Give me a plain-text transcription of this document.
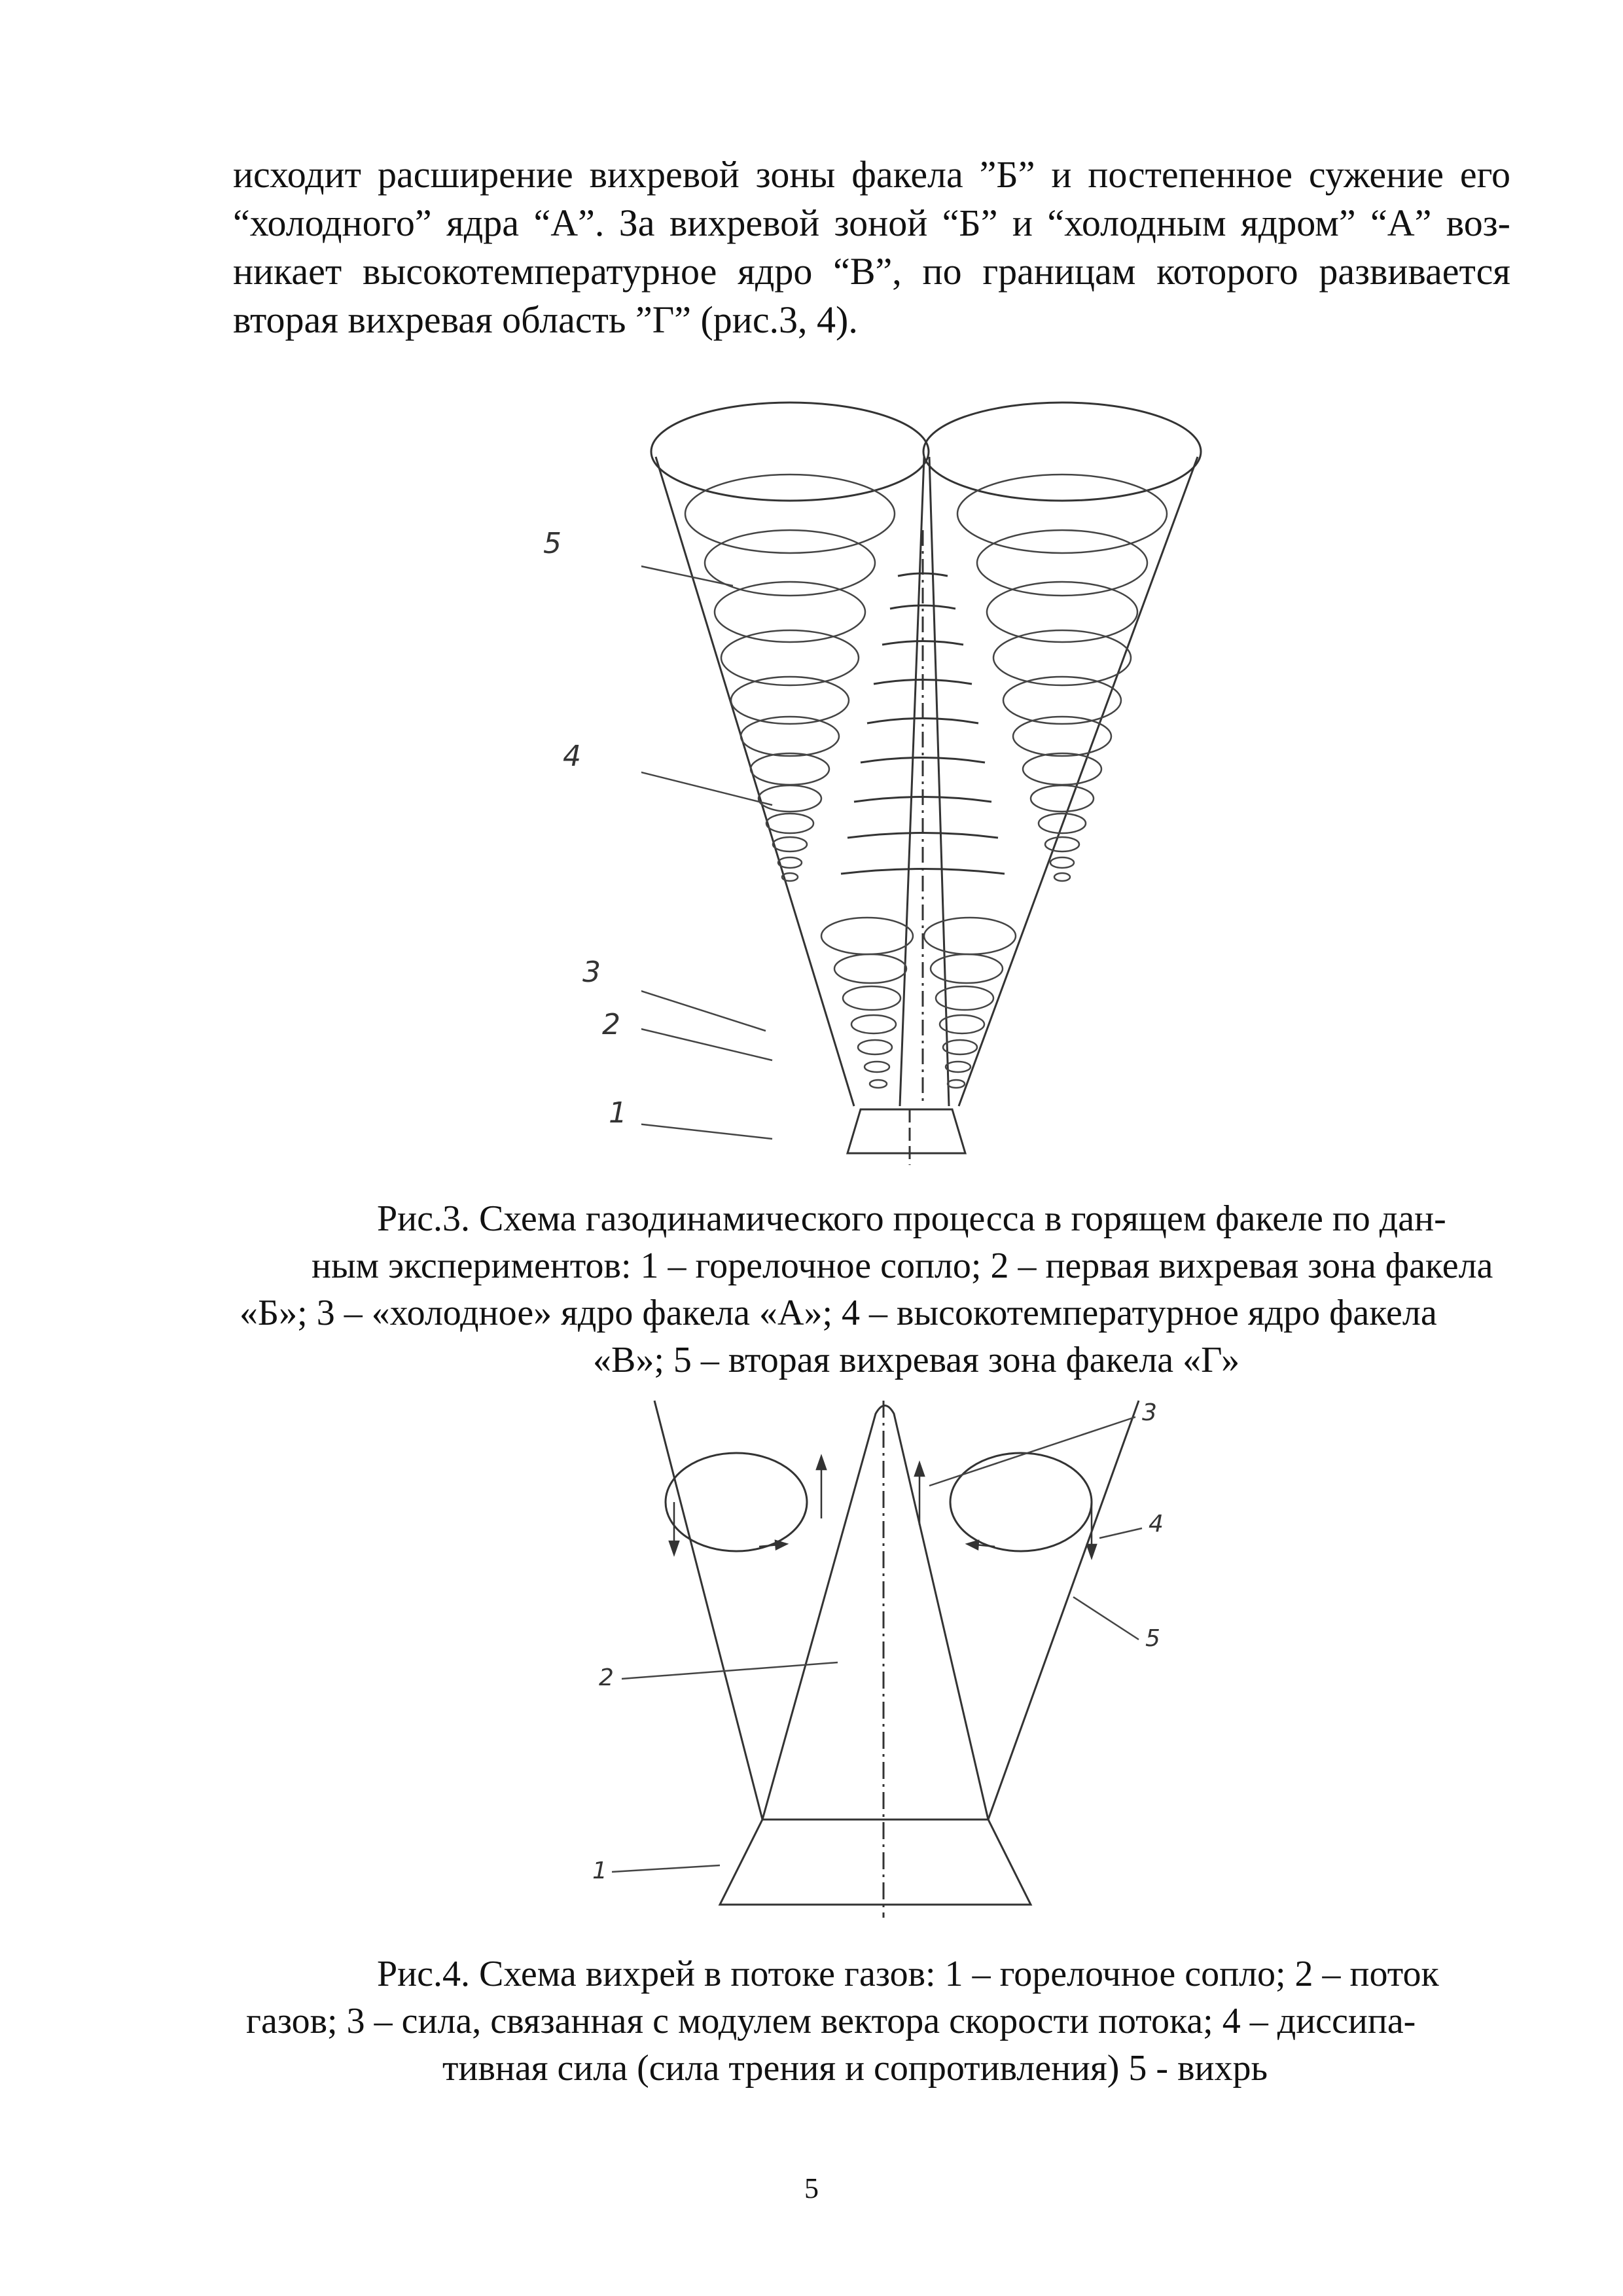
исходит расширение вихревой зоны факела ”Б” и постепенное сужение его
“холодного” ядра “А”. За вихревой зоной “Б” и “холодным ядром” “А” воз-
никает высокотемпературное ядро “В”, по границам которого развивается
вторая вихревая область ”Г” (рис.3, 4).
5
4
3
2
1
Рис.3. Схема газодинамического процесса в горящем факеле по дан-
ным экспериментов: 1 – горелочное сопло; 2 – первая вихревая зона факела
«Б»; 3 – «холодное» ядро факела «А»; 4 – высокотемпературное ядро факела
«В»; 5 – вторая вихревая зона факела «Г»
3
4
5
2
1
Рис.4. Схема вихрей в потоке газов: 1 – горелочное сопло; 2 – поток
газов; 3 – сила, связанная с модулем вектора скорости потока; 4 – диссипа-
тивная сила (сила трения и сопротивления) 5 - вихрь
5
